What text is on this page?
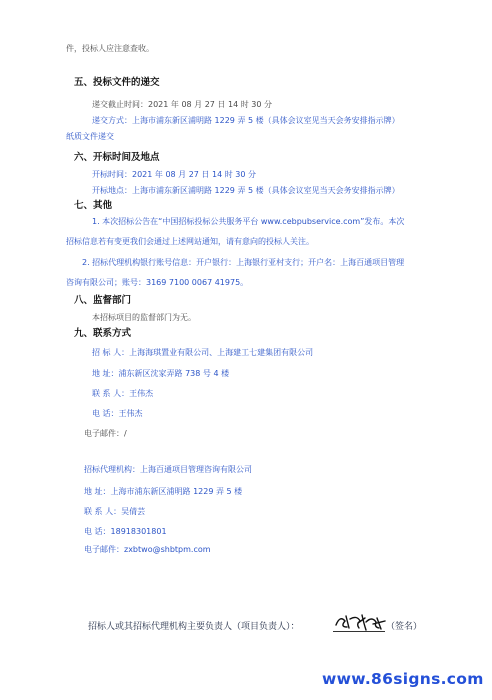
件，投标人应注意查收。
五、投标文件的递交
递交截止时间：2021 年 08 月 27 日 14 时 30 分
递交方式：上海市浦东新区浦明路 1229 弄 5 楼（具体会议室见当天会务安排指示牌）
纸质文件递交
六、开标时间及地点
开标时间：2021 年 08 月 27 日 14 时 30 分
开标地点：上海市浦东新区浦明路 1229 弄 5 楼（具体会议室见当天会务安排指示牌）
七、其他
1. 本次招标公告在“中国招标投标公共服务平台 www.cebpubservice.com”发布。本次
招标信息若有变更我们会通过上述网站通知，请有意向的投标人关注。
2. 招标代理机构银行账号信息：开户银行：上海银行亚村支行；开户名：上海百通项目管理
咨询有限公司；账号：3169 7100 0067 41975。
八、监督部门
本招标项目的监督部门为无。
九、联系方式
招 标 人：上海海琪置业有限公司、上海建工七建集团有限公司
地 址：浦东新区沈家弄路 738 号 4 楼
联 系 人：王伟杰
电 话：王伟杰
电子邮件：/
招标代理机构：上海百通项目管理咨询有限公司
地 址：上海市浦东新区浦明路 1229 弄 5 楼
联 系 人：吴倩芸
电 话：18918301801
电子邮件：zxbtwo@shbtpm.com
招标人或其招标代理机构主要负责人（项目负责人）：	（签名）
www.86signs.com
